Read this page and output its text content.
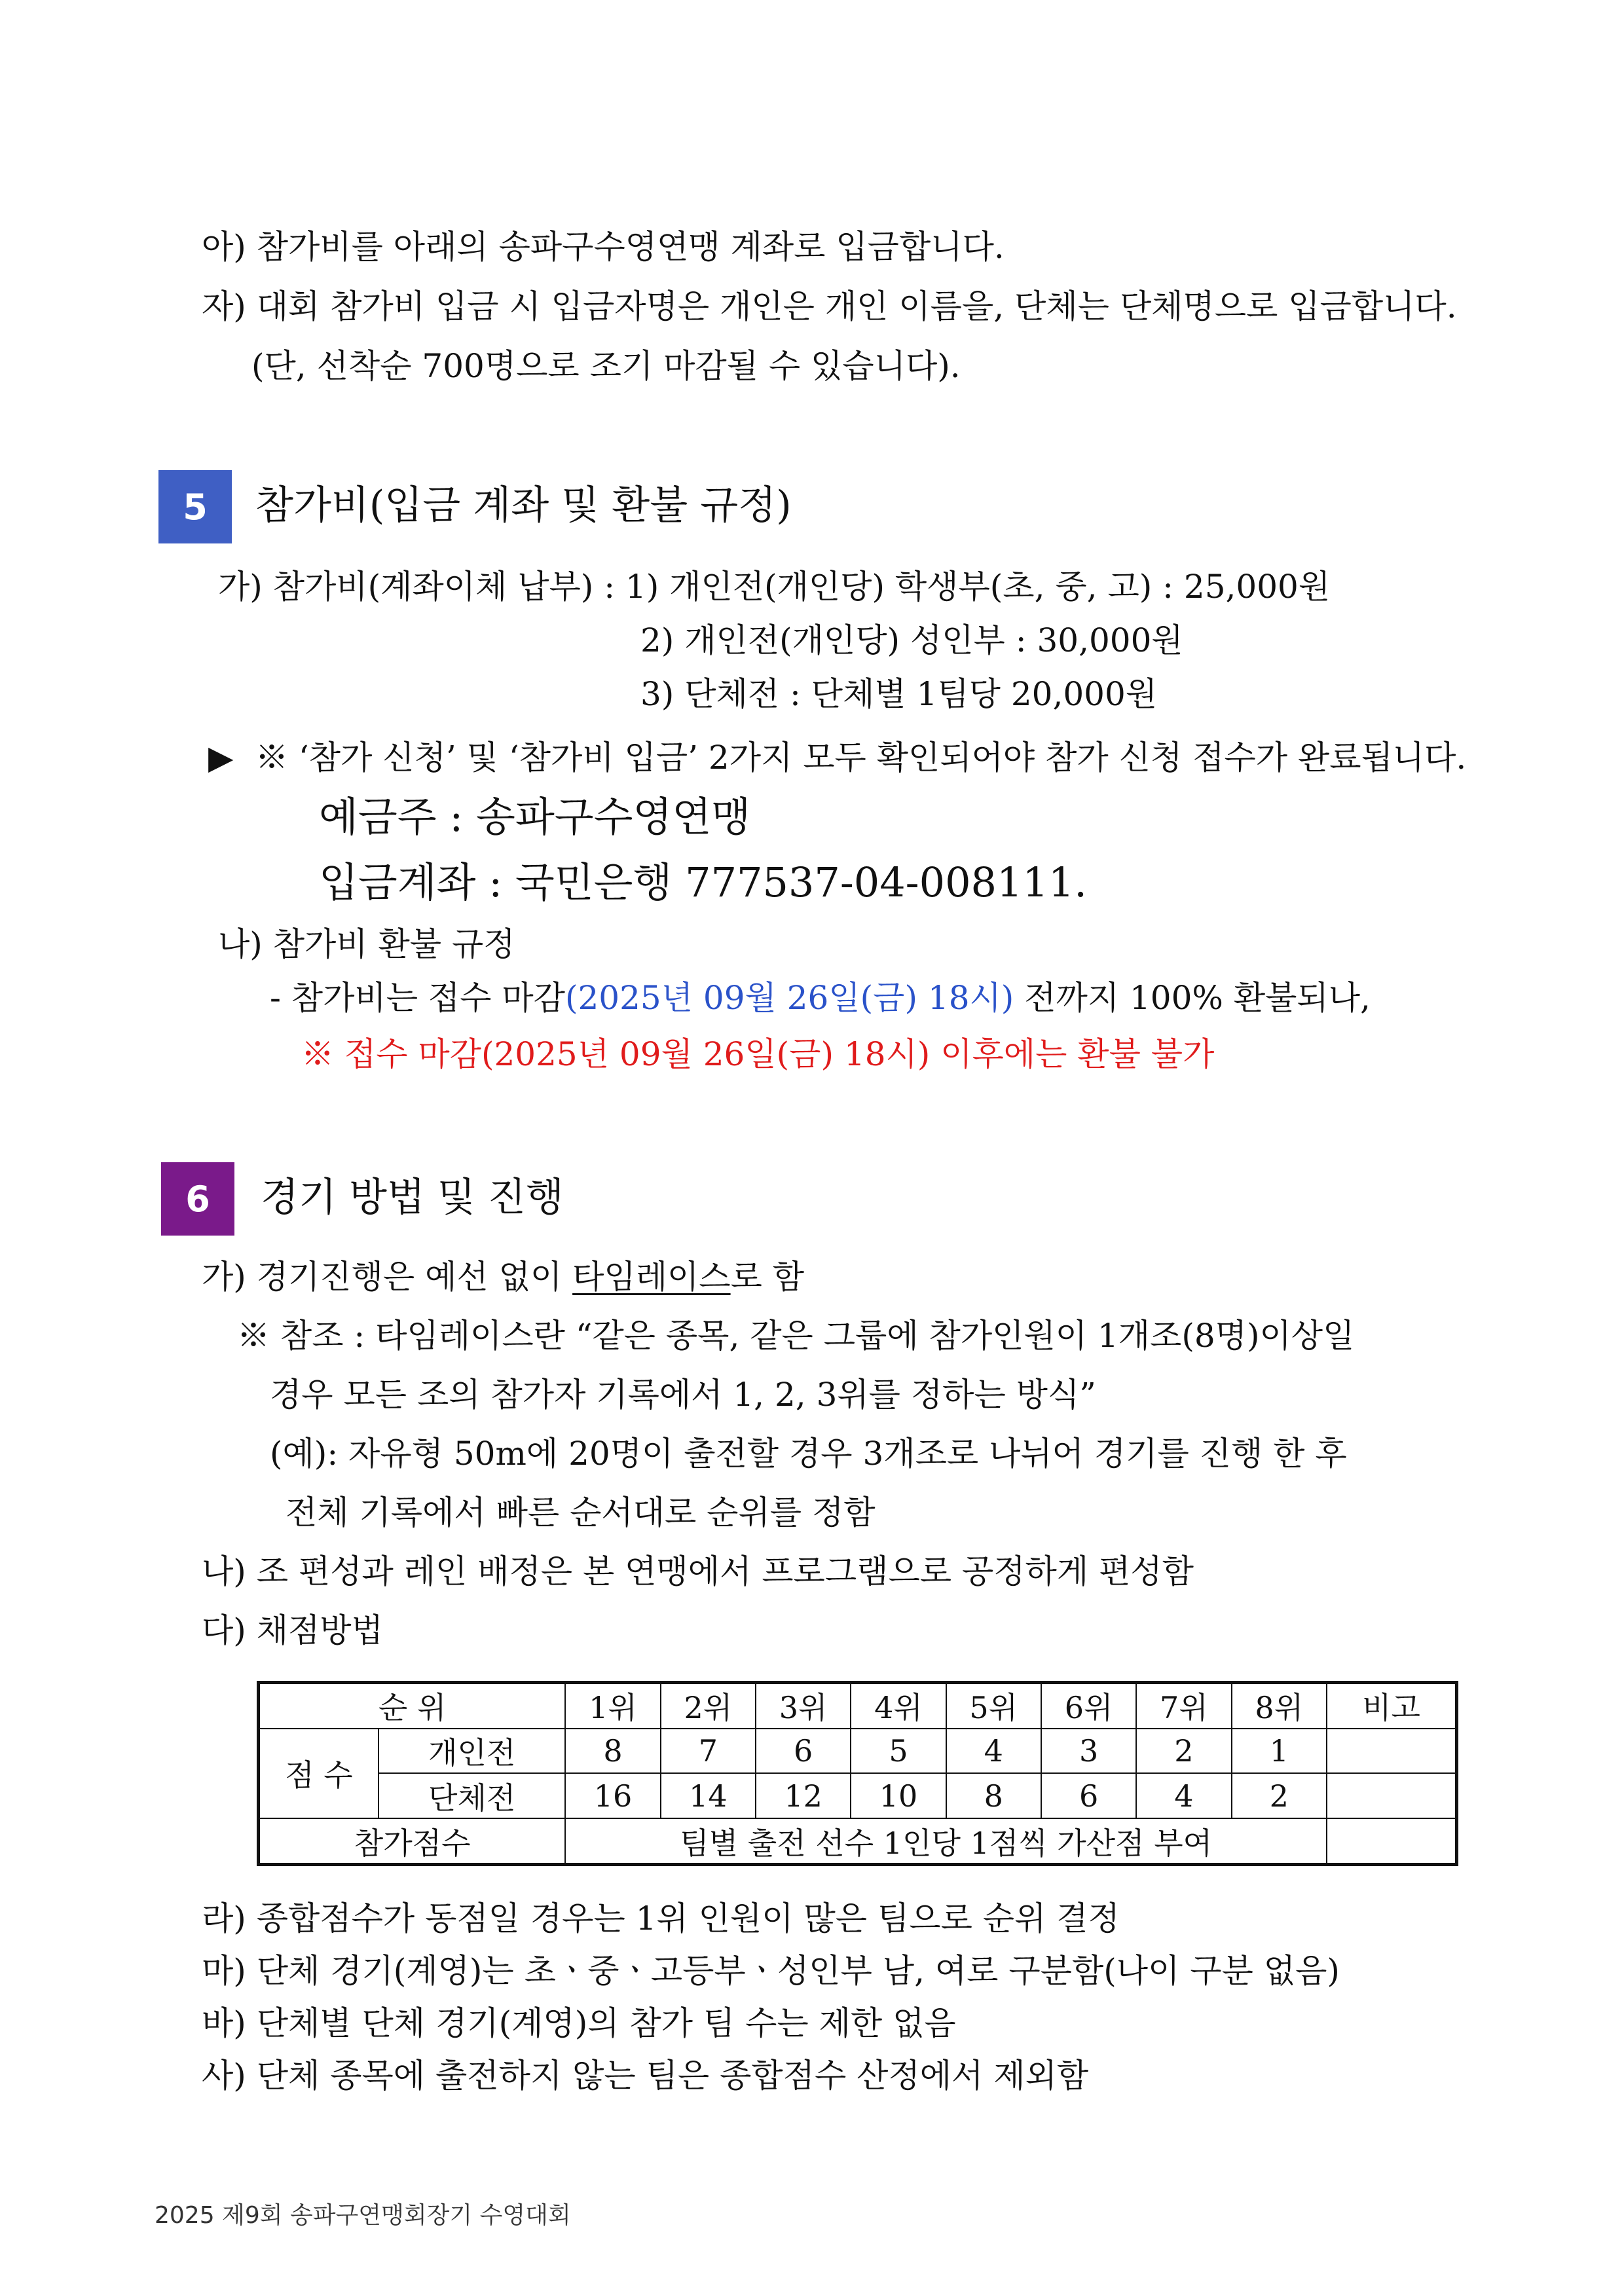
아) 참가비를 아래의 송파구수영연맹 계좌로 입금합니다.
자) 대회 참가비 입금 시 입금자명은 개인은 개인 이름을, 단체는 단체명으로 입금합니다.
(단, 선착순 700명으로 조기 마감될 수 있습니다).
5	참가비(입금 계좌 및 환불 규정)
가) 참가비(계좌이체 납부) : 1) 개인전(개인당) 학생부(초, 중, 고) : 25,000원
2) 개인전(개인당) 성인부 : 30,000원
3) 단체전 : 단체별 1팀당 20,000원
▶ ※ ‘참가 신청’ 및 ‘참가비 입금’ 2가지 모두 확인되어야 참가 신청 접수가 완료됩니다.
예금주 : 송파구수영연맹
입금계좌 : 국민은행 777537-04-008111.
나) 참가비 환불 규정
- 참가비는 접수 마감(2025년 09월 26일(금) 18시) 전까지 100% 환불되나,
※ 접수 마감(2025년 09월 26일(금) 18시) 이후에는 환불 불가
6	경기 방법 및 진행
가) 경기진행은 예선 없이 타임레이스로 함
※ 참조 : 타임레이스란 “같은 종목, 같은 그룹에 참가인원이 1개조(8명)이상일
경우 모든 조의 참가자 기록에서 1, 2, 3위를 정하는 방식”
(예): 자유형 50m에 20명이 출전할 경우 3개조로 나뉘어 경기를 진행 한 후
전체 기록에서 빠른 순서대로 순위를 정함
나) 조 편성과 레인 배정은 본 연맹에서 프로그램으로 공정하게 편성함
다) 채점방법
순 위		1위	2위	3위	4위	5위	6위	7위	8위	비고
점 수	개인전	8	7	6	5	4	3	2	1	
	단체전	16	14	12	10	8	6	4	2	
참가점수		팀별 출전 선수 1인당 1점씩 가산점 부여								
라) 종합점수가 동점일 경우는 1위 인원이 많은 팀으로 순위 결정
마) 단체 경기(계영)는 초ㆍ중ㆍ고등부ㆍ성인부 남, 여로 구분함(나이 구분 없음)
바) 단체별 단체 경기(계영)의 참가 팀 수는 제한 없음
사) 단체 종목에 출전하지 않는 팀은 종합점수 산정에서 제외함
2025 제9회 송파구연맹회장기 수영대회
